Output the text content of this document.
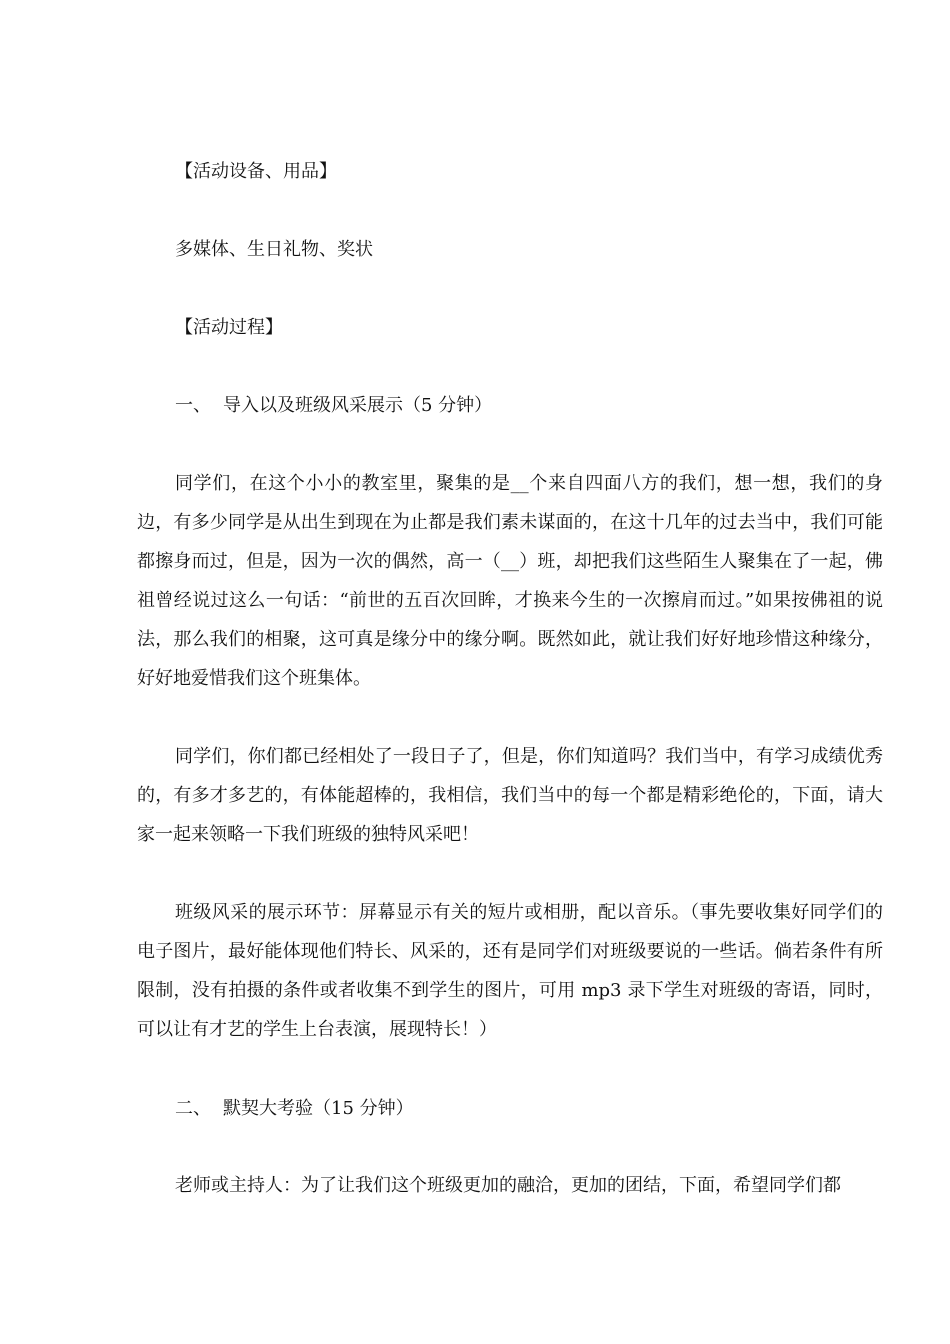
【活动设备、用品】
多媒体、生日礼物、奖状
【活动过程】
一、 导入以及班级风采展示（5 分钟）

同学们，在这个小小的教室里，聚集的是__个来自四面八方的我们，想一想，我们的身边，有多少同学是从出生到现在为止都是我们素未谋面的，在这十几年的过去当中，我们可能都擦身而过，但是，因为一次的偶然，高一（__）班，却把我们这些陌生人聚集在了一起，佛祖曾经说过这么一句话：“前世的五百次回眸，才换来今生的一次擦肩而过。”如果按佛祖的说法，那么我们的相聚，这可真是缘分中的缘分啊。既然如此，就让我们好好地珍惜这种缘分，好好地爱惜我们这个班集体。

同学们，你们都已经相处了一段日子了，但是，你们知道吗？我们当中，有学习成绩优秀的，有多才多艺的，有体能超棒的，我相信，我们当中的每一个都是精彩绝伦的，下面，请大家一起来领略一下我们班级的独特风采吧！

班级风采的展示环节：屏幕显示有关的短片或相册，配以音乐。（事先要收集好同学们的电子图片，最好能体现他们特长、风采的，还有是同学们对班级要说的一些话。倘若条件有所限制，没有拍摄的条件或者收集不到学生的图片，可用 mp3 录下学生对班级的寄语，同时，可以让有才艺的学生上台表演，展现特长！）

二、 默契大考验（15 分钟）

老师或主持人：为了让我们这个班级更加的融洽，更加的团结，下面，希望同学们都
